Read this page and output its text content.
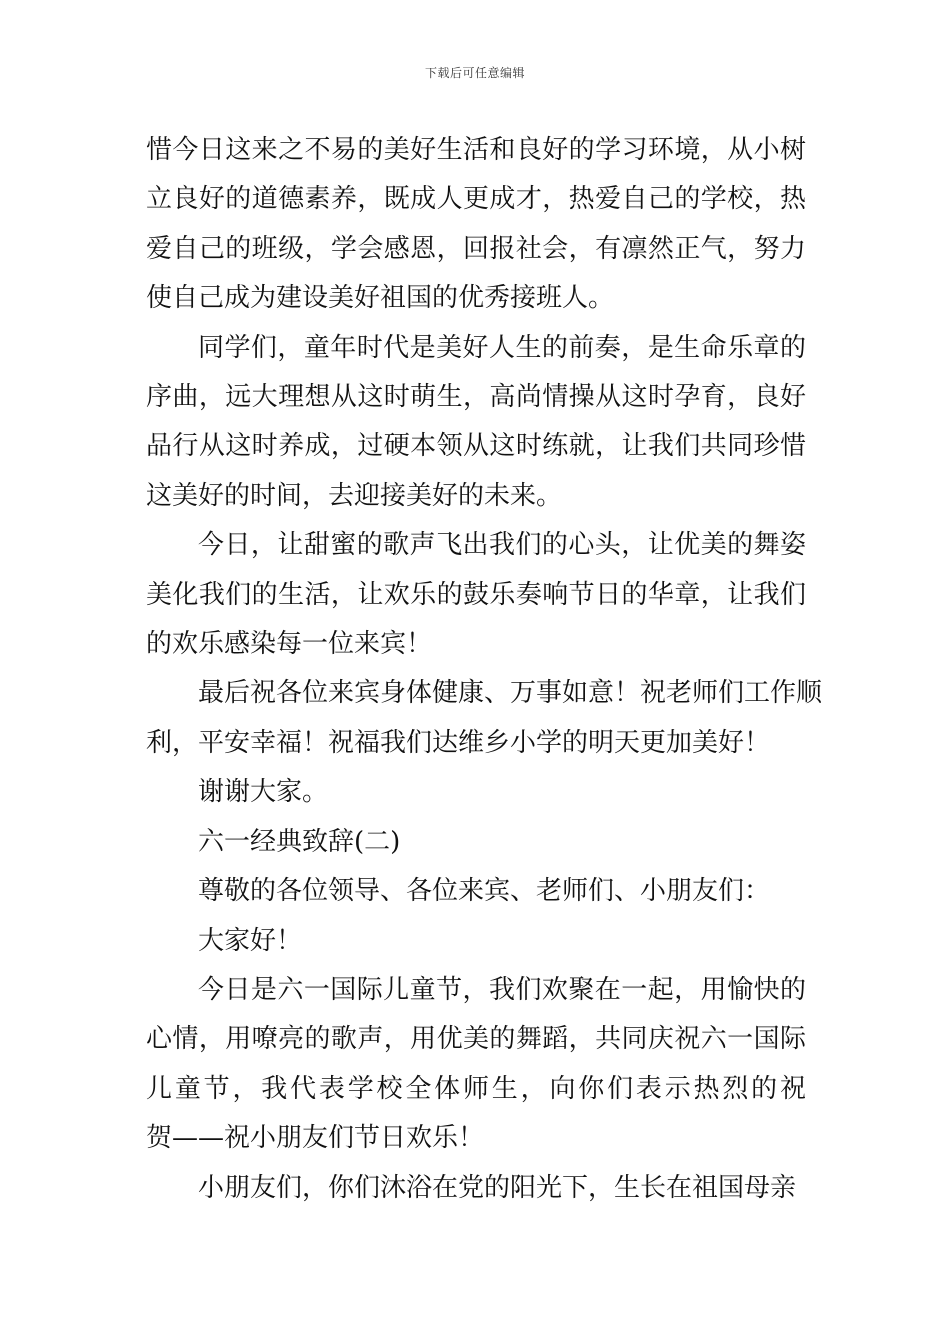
下载后可任意编辑
惜今日这来之不易的美好生活和良好的学习环境，从小树
立良好的道德素养，既成人更成才，热爱自己的学校，热
爱自己的班级，学会感恩，回报社会，有凛然正气，努力
使自己成为建设美好祖国的优秀接班人。
同学们，童年时代是美好人生的前奏，是生命乐章的
序曲，远大理想从这时萌生，高尚情操从这时孕育，良好
品行从这时养成，过硬本领从这时练就，让我们共同珍惜
这美好的时间，去迎接美好的未来。
今日，让甜蜜的歌声飞出我们的心头，让优美的舞姿
美化我们的生活，让欢乐的鼓乐奏响节日的华章，让我们
的欢乐感染每一位来宾！
最后祝各位来宾身体健康、万事如意！祝老师们工作顺
利，平安幸福！祝福我们达维乡小学的明天更加美好！
谢谢大家。
六一经典致辞(二)
尊敬的各位领导、各位来宾、老师们、小朋友们：
大家好！
今日是六一国际儿童节，我们欢聚在一起，用愉快的
心情，用嘹亮的歌声，用优美的舞蹈，共同庆祝六一国际
儿童节，我代表学校全体师生，向你们表示热烈的祝
贺——祝小朋友们节日欢乐！
小朋友们，你们沐浴在党的阳光下，生长在祖国母亲
